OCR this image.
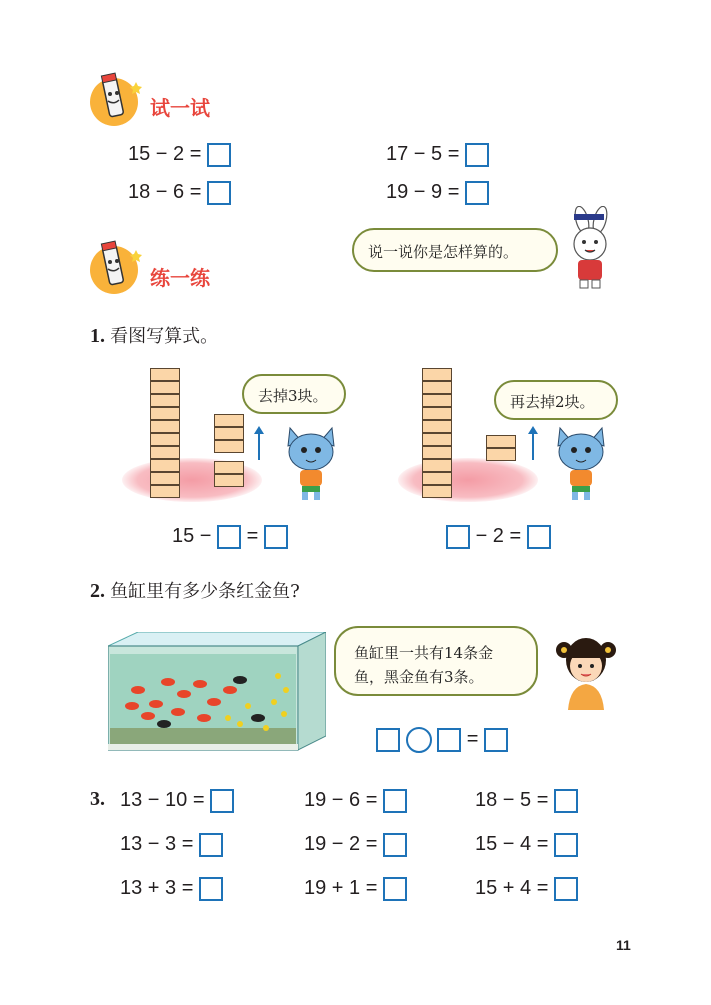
试一试
15 − 2 =	17 − 5 =
18 − 6 =	19 − 9 =
练一练
说一说你是怎样算的。
1. 看图写算式。
去掉3块。	再去掉2块。
15 − =	− 2 =
2. 鱼缸里有多少条红金鱼?
鱼缸里一共有14条金
鱼，黑金鱼有3条。
=
3. 13 − 10 =	19 − 6 =	18 − 5 =
13 − 3 =	19 − 2 =	15 − 4 =
13 + 3 =	19 + 1 =	15 + 4 =
11
